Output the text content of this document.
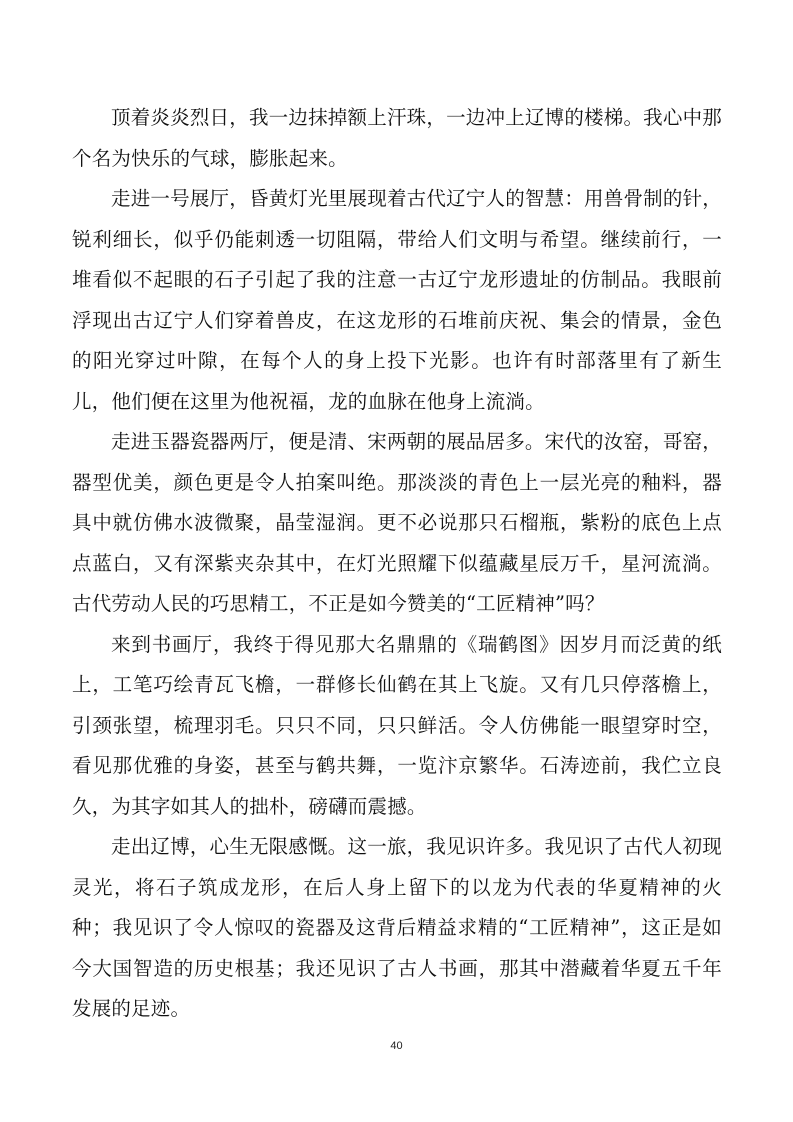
顶着炎炎烈日，我一边抹掉额上汗珠，一边冲上辽博的楼梯。我心中那个名为快乐的气球，膨胀起来。

走进一号展厅，昏黄灯光里展现着古代辽宁人的智慧：用兽骨制的针，锐利细长，似乎仍能刺透一切阻隔，带给人们文明与希望。继续前行，一堆看似不起眼的石子引起了我的注意一古辽宁龙形遗址的仿制品。我眼前浮现出古辽宁人们穿着兽皮，在这龙形的石堆前庆祝、集会的情景，金色的阳光穿过叶隙，在每个人的身上投下光影。也许有时部落里有了新生儿，他们便在这里为他祝福，龙的血脉在他身上流淌。

走进玉器瓷器两厅，便是清、宋两朝的展品居多。宋代的汝窑，哥窑，器型优美，颜色更是令人拍案叫绝。那淡淡的青色上一层光亮的釉料，器具中就仿佛水波微聚，晶莹湿润。更不必说那只石榴瓶，紫粉的底色上点点蓝白，又有深紫夹杂其中，在灯光照耀下似蕴藏星辰万千，星河流淌。古代劳动人民的巧思精工，不正是如今赞美的“工匠精神”吗？

来到书画厅，我终于得见那大名鼎鼎的《瑞鹤图》因岁月而泛黄的纸上，工笔巧绘青瓦飞檐，一群修长仙鹤在其上飞旋。又有几只停落檐上，引颈张望，梳理羽毛。只只不同，只只鲜活。令人仿佛能一眼望穿时空，看见那优雅的身姿，甚至与鹤共舞，一览汴京繁华。石涛迹前，我伫立良久，为其字如其人的拙朴，磅礴而震撼。

走出辽博，心生无限感慨。这一旅，我见识许多。我见识了古代人初现灵光，将石子筑成龙形，在后人身上留下的以龙为代表的华夏精神的火种；我见识了令人惊叹的瓷器及这背后精益求精的“工匠精神”，这正是如今大国智造的历史根基；我还见识了古人书画，那其中潜藏着华夏五千年发展的足迹。

40
